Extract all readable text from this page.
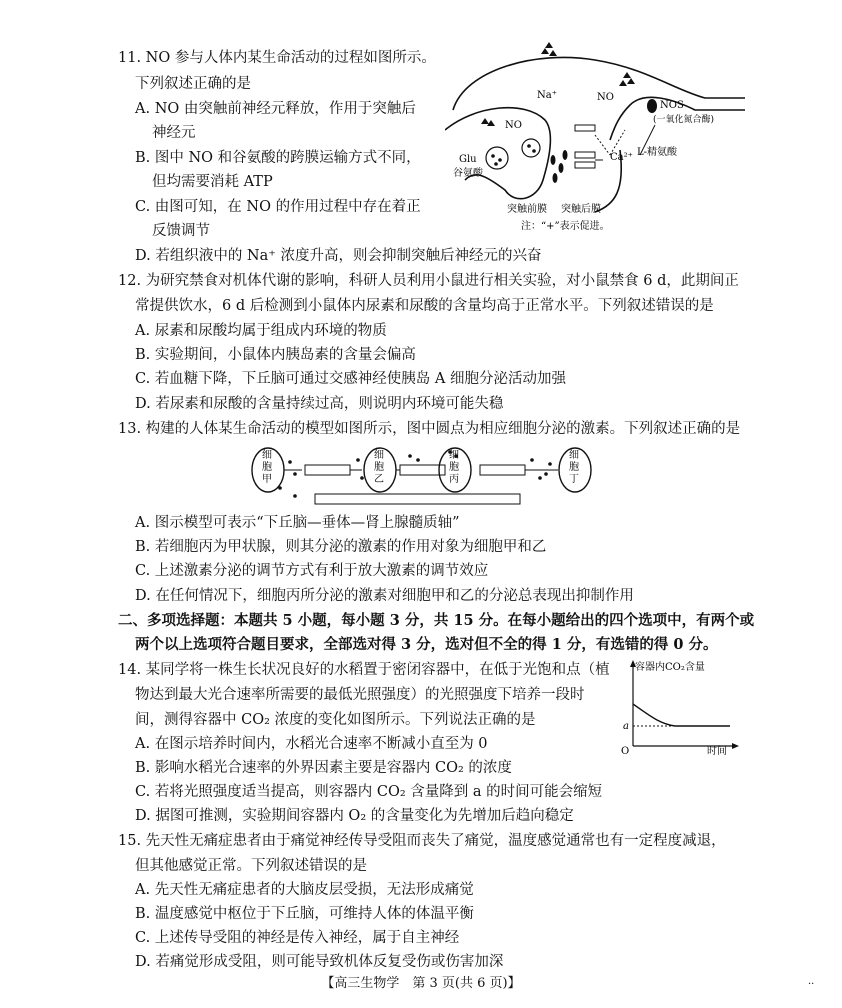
11. NO 参与人体内某生命活动的过程如图所示。
下列叙述正确的是
A. NO 由突触前神经元释放，作用于突触后
神经元
B. 图中 NO 和谷氨酸的跨膜运输方式不同，
但均需要消耗 ATP
C. 由图可知，在 NO 的作用过程中存在着正
反馈调节
D. 若组织液中的 Na⁺ 浓度升高，则会抑制突触后神经元的兴奋
NO
Na⁺	NO
NOS
(一氧化氮合酶)
Glu
谷氨酸
Ca²⁺ L-精氨酸
突触前膜 突触后膜
注：“+”表示促进。
12. 为研究禁食对机体代谢的影响，科研人员利用小鼠进行相关实验，对小鼠禁食 6 d，此期间正
常提供饮水，6 d 后检测到小鼠体内尿素和尿酸的含量均高于正常水平。下列叙述错误的是
A. 尿素和尿酸均属于组成内环境的物质
B. 实验期间，小鼠体内胰岛素的含量会偏高
C. 若血糖下降，下丘脑可通过交感神经使胰岛 A 细胞分泌活动加强
D. 若尿素和尿酸的含量持续过高，则说明内环境可能失稳
13. 构建的人体某生命活动的模型如图所示，图中圆点为相应细胞分泌的激素。下列叙述正确的是
细胞甲
细胞乙
细胞丙
细胞丁
A. 图示模型可表示“下丘脑—垂体—肾上腺髓质轴”
B. 若细胞丙为甲状腺，则其分泌的激素的作用对象为细胞甲和乙
C. 上述激素分泌的调节方式有利于放大激素的调节效应
D. 在任何情况下，细胞丙所分泌的激素对细胞甲和乙的分泌总表现出抑制作用
二、多项选择题：本题共 5 小题，每小题 3 分，共 15 分。在每小题给出的四个选项中，有两个或
两个以上选项符合题目要求，全部选对得 3 分，选对但不全的得 1 分，有选错的得 0 分。
14. 某同学将一株生长状况良好的水稻置于密闭容器中，在低于光饱和点（植
物达到最大光合速率所需要的最低光照强度）的光照强度下培养一段时
间，测得容器中 CO₂ 浓度的变化如图所示。下列说法正确的是
A. 在图示培养时间内，水稻光合速率不断减小直至为 0
B. 影响水稻光合速率的外界因素主要是容器内 CO₂ 的浓度
C. 若将光照强度适当提高，则容器内 CO₂ 含量降到 a 的时间可能会缩短
D. 据图可推测，实验期间容器内 O₂ 的含量变化为先增加后趋向稳定
容器内CO₂含量
时间
O
a
15. 先天性无痛症患者由于痛觉神经传导受阻而丧失了痛觉，温度感觉通常也有一定程度减退，
但其他感觉正常。下列叙述错误的是
A. 先天性无痛症患者的大脑皮层受损，无法形成痛觉
B. 温度感觉中枢位于下丘脑，可维持人体的体温平衡
C. 上述传导受阻的神经是传入神经，属于自主神经
D. 若痛觉形成受阻，则可能导致机体反复受伤或伤害加深
【高三生物学　第 3 页(共 6 页)】	··
